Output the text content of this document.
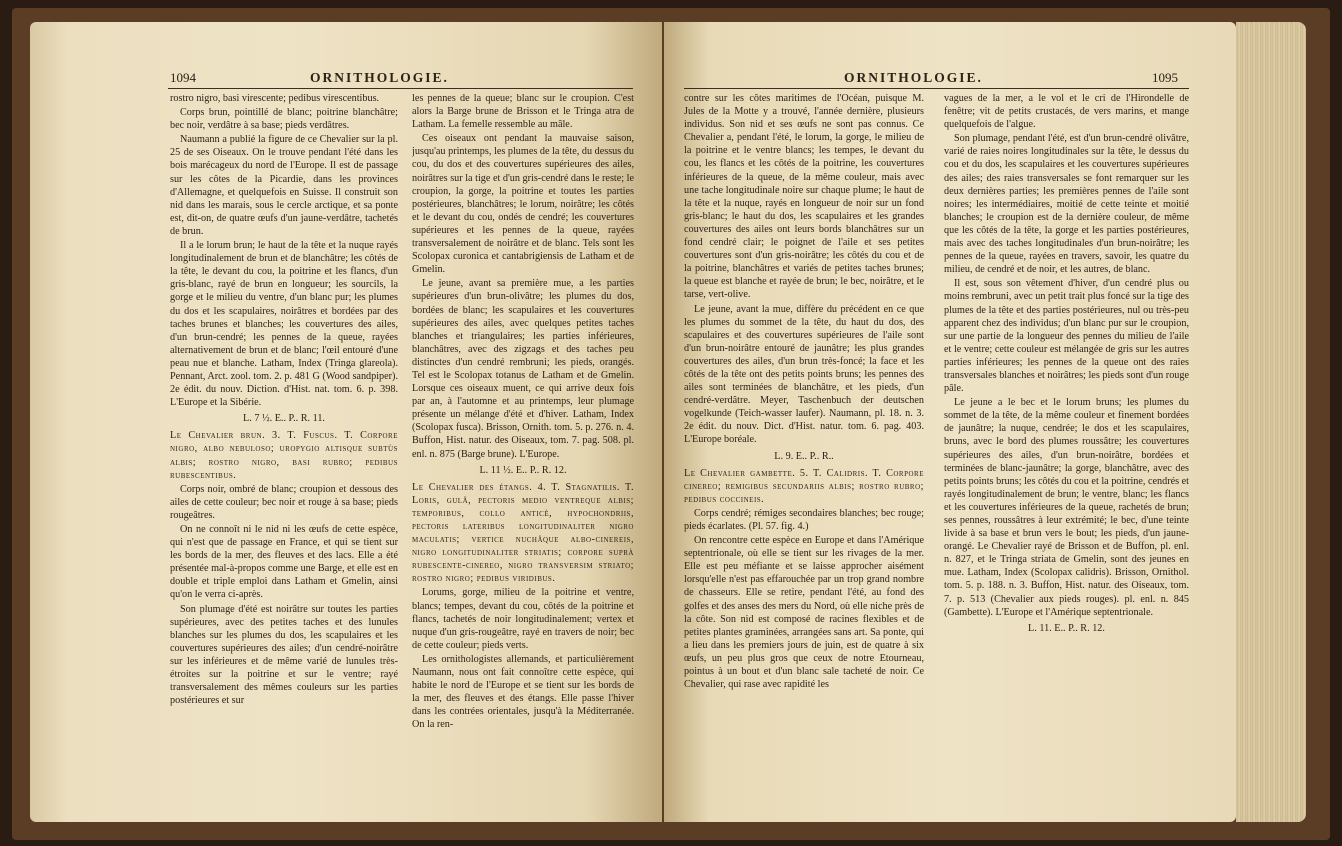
1094	ORNITHOLOGIE.

rostro nigro, basi virescente; pedibus virescentibus.

Corps brun, pointillé de blanc; poitrine blanchâtre; bec noir, verdâtre à sa base; pieds verdâtres.

Naumann a publié la figure de ce Chevalier sur la pl. 25 de ses Oiseaux. On le trouve pendant l'été dans les bois marécageux du nord de l'Europe. Il est de passage sur les côtes de la Picardie, dans les provinces d'Allemagne, et quelquefois en Suisse. Il construit son nid dans les marais, sous le cercle arctique, et sa ponte est, dit-on, de quatre œufs d'un jaune-verdâtre, tachetés de brun.

Il a le lorum brun; le haut de la tête et la nuque rayés longitudinalement de brun et de blanchâtre; les côtés de la tête, le devant du cou, la poitrine et les flancs, d'un gris-blanc, rayé de brun en longueur; les sourcils, la gorge et le milieu du ventre, d'un blanc pur; les plumes du dos et les scapulaires, noirâtres et bordées par des taches brunes et blanches; les couvertures des ailes, d'un brun-cendré; les pennes de la queue, rayées alternativement de brun et de blanc; l'œil entouré d'une peau nue et blanche. Latham, Index (Tringa glareola). Pennant, Arct. zool. tom. 2. p. 481 G (Wood sandpiper). 2e édit. du nouv. Diction. d'Hist. nat. tom. 6. p. 398. L'Europe et la Sibérie.

L. 7 ½. E.. P.. R. 11.

Le Chevalier brun. 3. T. Fuscus. T. Corpore nigro, albo nebuloso; uropygio altisque subtùs albis; rostro nigro, basi rubro; pedibus rubescentibus.

Corps noir, ombré de blanc; croupion et dessous des ailes de cette couleur; bec noir et rouge à sa base; pieds rougeâtres.

On ne connoît ni le nid ni les œufs de cette espèce, qui n'est que de passage en France, et qui se tient sur les bords de la mer, des fleuves et des lacs. Elle a été présentée mal-à-propos comme une Barge, et elle est en double et triple emploi dans Latham et Gmelin, ainsi qu'on le verra ci-après.

Son plumage d'été est noirâtre sur toutes les parties supérieures, avec des petites taches et des lunules blanches sur les plumes du dos, les scapulaires et les couvertures supérieures des ailes; d'un cendré-noirâtre sur les inférieures et de même varié de lunules très-étroites sur la poitrine et sur le ventre; rayé transversalement des mêmes couleurs sur les parties postérieures et sur

les pennes de la queue; blanc sur le croupion. C'est alors la Barge brune de Brisson et le Tringa atra de Latham. La femelle ressemble au mâle.

Ces oiseaux ont pendant la mauvaise saison, jusqu'au printemps, les plumes de la tête, du dessus du cou, du dos et des couvertures supérieures des ailes, noirâtres sur la tige et d'un gris-cendré dans le reste; le croupion, la gorge, la poitrine et toutes les parties postérieures, blanchâtres; le lorum, noirâtre; les côtés et le devant du cou, ondés de cendré; les couvertures supérieures et les pennes de la queue, rayées transversalement de noirâtre et de blanc. Tels sont les Scolopax curonica et cantabrigiensis de Latham et de Gmelin.

Le jeune, avant sa première mue, a les parties supérieures d'un brun-olivâtre; les plumes du dos, bordées de blanc; les scapulaires et les couvertures supérieures des ailes, avec quelques petites taches blanches et triangulaires; les parties inférieures, blanchâtres, avec des zigzags et des taches peu distinctes d'un cendré rembruni; les pieds, orangés. Tel est le Scolopax totanus de Latham et de Gmelin. Lorsque ces oiseaux muent, ce qui arrive deux fois par an, à l'automne et au printemps, leur plumage présente un mélange d'été et d'hiver. Latham, Index (Scolopax fusca). Brisson, Ornith. tom. 5. p. 276. n. 4. Buffon, Hist. natur. des Oiseaux, tom. 7. pag. 508. pl. enl. n. 875 (Barge brune). L'Europe.

L. 11 ½. E.. P.. R. 12.

Le Chevalier des étangs. 4. T. Stagnatilis. T. Loris, gulâ, pectoris medio ventreque albis; temporibus, collo anticè, hypochondriis, pectoris lateribus longitudinaliter nigro maculatis; vertice nuchâque albo-cinereis, nigro longitudinaliter striatis; corpore suprà rubescente-cinereo, nigro transversim striato; rostro nigro; pedibus viridibus.

Lorums, gorge, milieu de la poitrine et ventre, blancs; tempes, devant du cou, côtés de la poitrine et flancs, tachetés de noir longitudinalement; vertex et nuque d'un gris-rougeâtre, rayé en travers de noir; bec de cette couleur; pieds verts.

Les ornithologistes allemands, et particulièrement Naumann, nous ont fait connoître cette espèce, qui habite le nord de l'Europe et se tient sur les bords de la mer, des fleuves et des étangs. Elle passe l'hiver dans les contrées orientales, jusqu'à la Méditerranée. On la ren-

ORNITHOLOGIE.	1095

contre sur les côtes maritimes de l'Océan, puisque M. Jules de la Motte y a trouvé, l'année dernière, plusieurs individus. Son nid et ses œufs ne sont pas connus. Ce Chevalier a, pendant l'été, le lorum, la gorge, le milieu de la poitrine et le ventre blancs; les tempes, le devant du cou, les flancs et les côtés de la poitrine, les couvertures inférieures de la queue, de la même couleur, mais avec une tache longitudinale noire sur chaque plume; le haut de la tête et la nuque, rayés en longueur de noir sur un fond gris-blanc; le haut du dos, les scapulaires et les grandes couvertures des ailes ont leurs bords blanchâtres sur un fond cendré clair; le poignet de l'aile et ses petites couvertures sont d'un gris-noirâtre; les côtés du cou et de la poitrine, blanchâtres et variés de petites taches brunes; la queue est blanche et rayée de brun; le bec, noirâtre, et le tarse, vert-olive.

Le jeune, avant la mue, diffère du précédent en ce que les plumes du sommet de la tête, du haut du dos, des scapulaires et des couvertures supérieures de l'aile sont d'un brun-noirâtre entouré de jaunâtre; les plus grandes couvertures des ailes, d'un brun très-foncé; la face et les côtés de la tête ont des petits points bruns; les pennes des ailes sont terminées de blanchâtre, et les pieds, d'un cendré-verdâtre. Meyer, Taschenbuch der deutschen vogelkunde (Teich-wasser laufer). Naumann, pl. 18. n. 3. 2e édit. du nouv. Dict. d'Hist. natur. tom. 6. pag. 403. L'Europe boréale.

L. 9. E.. P.. R..

Le Chevalier gambette. 5. T. Calidris. T. Corpore cinereo; remigibus secundariis albis; rostro rubro; pedibus coccineis.

Corps cendré; rémiges secondaires blanches; bec rouge; pieds écarlates. (Pl. 57. fig. 4.)

On rencontre cette espèce en Europe et dans l'Amérique septentrionale, où elle se tient sur les rivages de la mer. Elle est peu méfiante et se laisse approcher aisément lorsqu'elle n'est pas effarouchée par un trop grand nombre de chasseurs. Elle se retire, pendant l'été, au fond des golfes et des anses des mers du Nord, où elle niche près de la côte. Son nid est composé de racines flexibles et de petites plantes graminées, arrangées sans art. Sa ponte, qui a lieu dans les premiers jours de juin, est de quatre à six œufs, un peu plus gros que ceux de notre Etourneau, pointus à un bout et d'un blanc sale tacheté de noir. Ce Chevalier, qui rase avec rapidité les

vagues de la mer, a le vol et le cri de l'Hirondelle de fenêtre; vit de petits crustacés, de vers marins, et mange quelquefois de l'algue.

Son plumage, pendant l'été, est d'un brun-cendré olivâtre, varié de raies noires longitudinales sur la tête, le dessus du cou et du dos, les scapulaires et les couvertures supérieures des ailes; des raies transversales se font remarquer sur les deux dernières parties; les premières pennes de l'aile sont noires; les intermédiaires, moitié de cette teinte et moitié blanches; le croupion est de la dernière couleur, de même que les côtés de la tête, la gorge et les parties postérieures, mais avec des taches longitudinales d'un brun-noirâtre; les pennes de la queue, rayées en travers, savoir, les quatre du milieu, de cendré et de noir, et les autres, de blanc.

Il est, sous son vêtement d'hiver, d'un cendré plus ou moins rembruni, avec un petit trait plus foncé sur la tige des plumes de la tête et des parties postérieures, nul ou très-peu apparent chez des individus; d'un blanc pur sur le croupion, sur une partie de la longueur des pennes du milieu de l'aile et le ventre; cette couleur est mélangée de gris sur les autres parties inférieures; les pennes de la queue ont des raies transversales blanches et noirâtres; les pieds sont d'un rouge pâle.

Le jeune a le bec et le lorum bruns; les plumes du sommet de la tête, de la même couleur et finement bordées de jaunâtre; la nuque, cendrée; le dos et les scapulaires, bruns, avec le bord des plumes roussâtre; les couvertures supérieures des ailes, d'un brun-noirâtre, bordées et terminées de blanc-jaunâtre; la gorge, blanchâtre, avec des petits points bruns; les côtés du cou et la poitrine, cendrés et rayés longitudinalement de brun; le ventre, blanc; les flancs et les couvertures inférieures de la queue, rachetés de brun; ses pennes, roussâtres à leur extrémité; le bec, d'une teinte livide à sa base et brun vers le bout; les pieds, d'un jaune-orangé. Le Chevalier rayé de Brisson et de Buffon, pl. enl. n. 827, et le Tringa striata de Gmelin, sont des jeunes en mue. Latham, Index (Scolopax calidris). Brisson, Ornithol. tom. 5. p. 188. n. 3. Buffon, Hist. natur. des Oiseaux, tom. 7. p. 513 (Chevalier aux pieds rouges). pl. enl. n. 845 (Gambette). L'Europe et l'Amérique septentrionale.

L. 11. E.. P.. R. 12.
